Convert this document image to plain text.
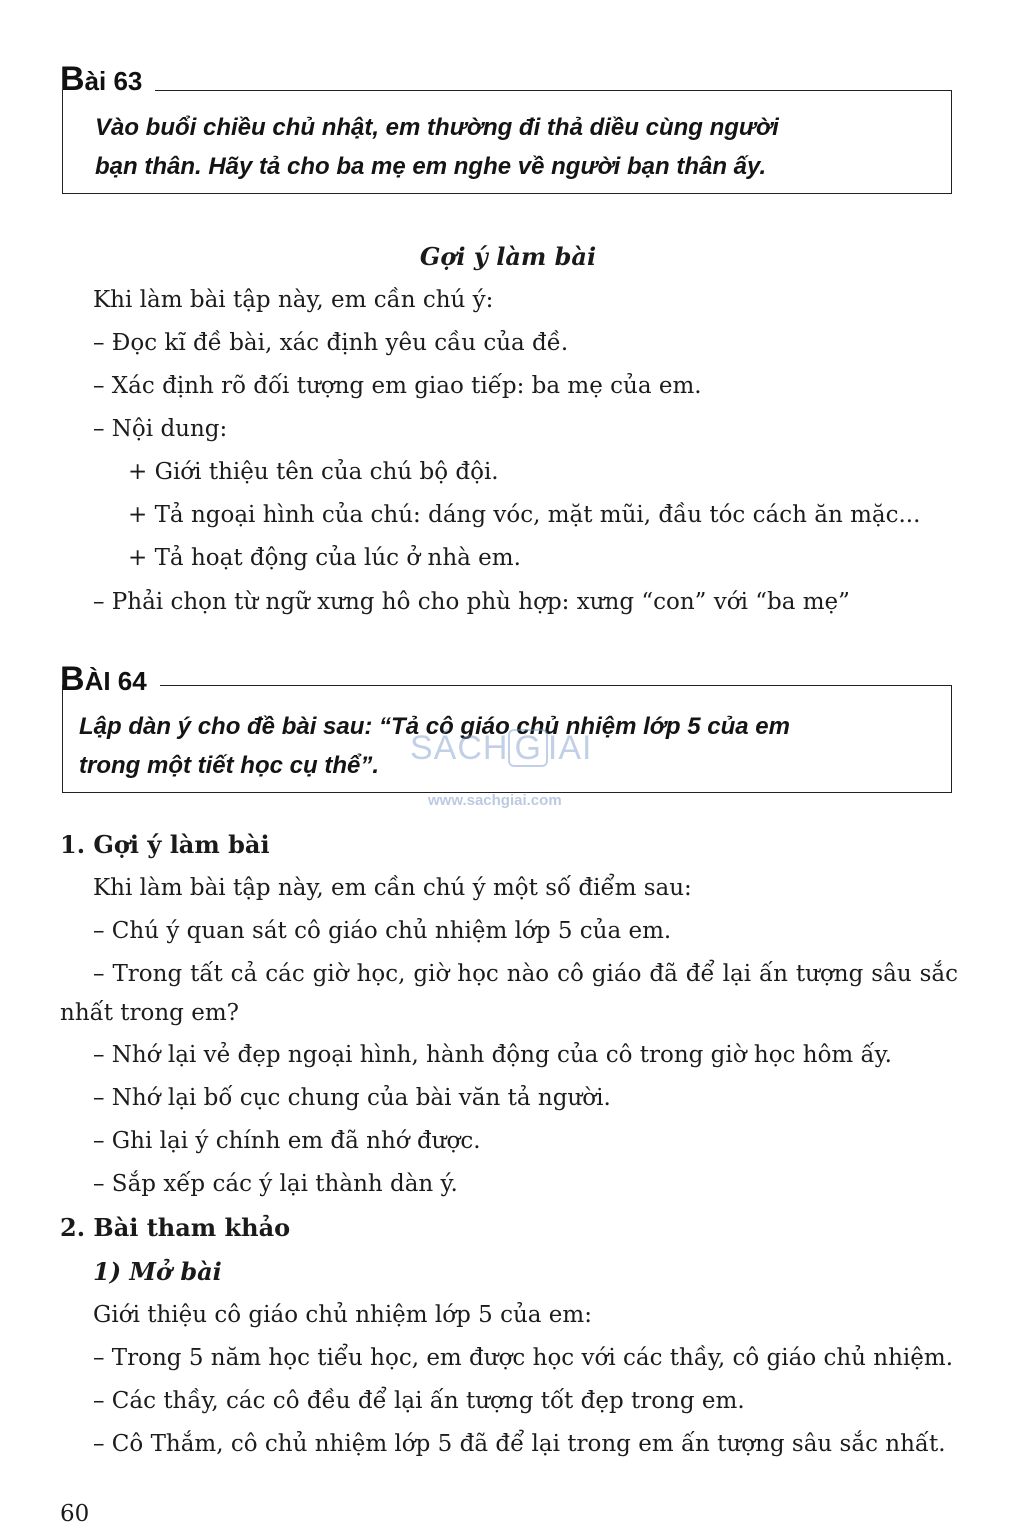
Bài 63

Vào buổi chiều chủ nhật, em thường đi thả diều cùng người

bạn thân. Hãy tả cho ba mẹ em nghe về người bạn thân ấy.

Gợi ý làm bài
Khi làm bài tập này, em cần chú ý:
– Đọc kĩ đề bài, xác định yêu cầu của đề.
– Xác định rõ đối tượng em giao tiếp: ba mẹ của em.
– Nội dung:
+ Giới thiệu tên của chú bộ đội.
+ Tả ngoại hình của chú: dáng vóc, mặt mũi, đầu tóc cách ăn mặc...
+ Tả hoạt động của lúc ở nhà em.
– Phải chọn từ ngữ xưng hô cho phù hợp: xưng “con” với “ba mẹ”
BÀI 64

Lập dàn ý cho đề bài sau: “Tả cô giáo chủ nhiệm lớp 5 của em

trong một tiết học cụ thể”. SÁCH G IAI
www.sachgiai.com
1. Gợi ý làm bài
Khi làm bài tập này, em cần chú ý một số điểm sau:
– Chú ý quan sát cô giáo chủ nhiệm lớp 5 của em.

– Trong tất cả các giờ học, giờ học nào cô giáo đã để lại ấn tượng sâu sắc nhất trong em?

– Nhớ lại vẻ đẹp ngoại hình, hành động của cô trong giờ học hôm ấy.
– Nhớ lại bố cục chung của bài văn tả người.
– Ghi lại ý chính em đã nhớ được.
– Sắp xếp các ý lại thành dàn ý.
2. Bài tham khảo
1) Mở bài
Giới thiệu cô giáo chủ nhiệm lớp 5 của em:
– Trong 5 năm học tiểu học, em được học với các thầy, cô giáo chủ nhiệm.
– Các thầy, các cô đều để lại ấn tượng tốt đẹp trong em.
– Cô Thắm, cô chủ nhiệm lớp 5 đã để lại trong em ấn tượng sâu sắc nhất.
60
